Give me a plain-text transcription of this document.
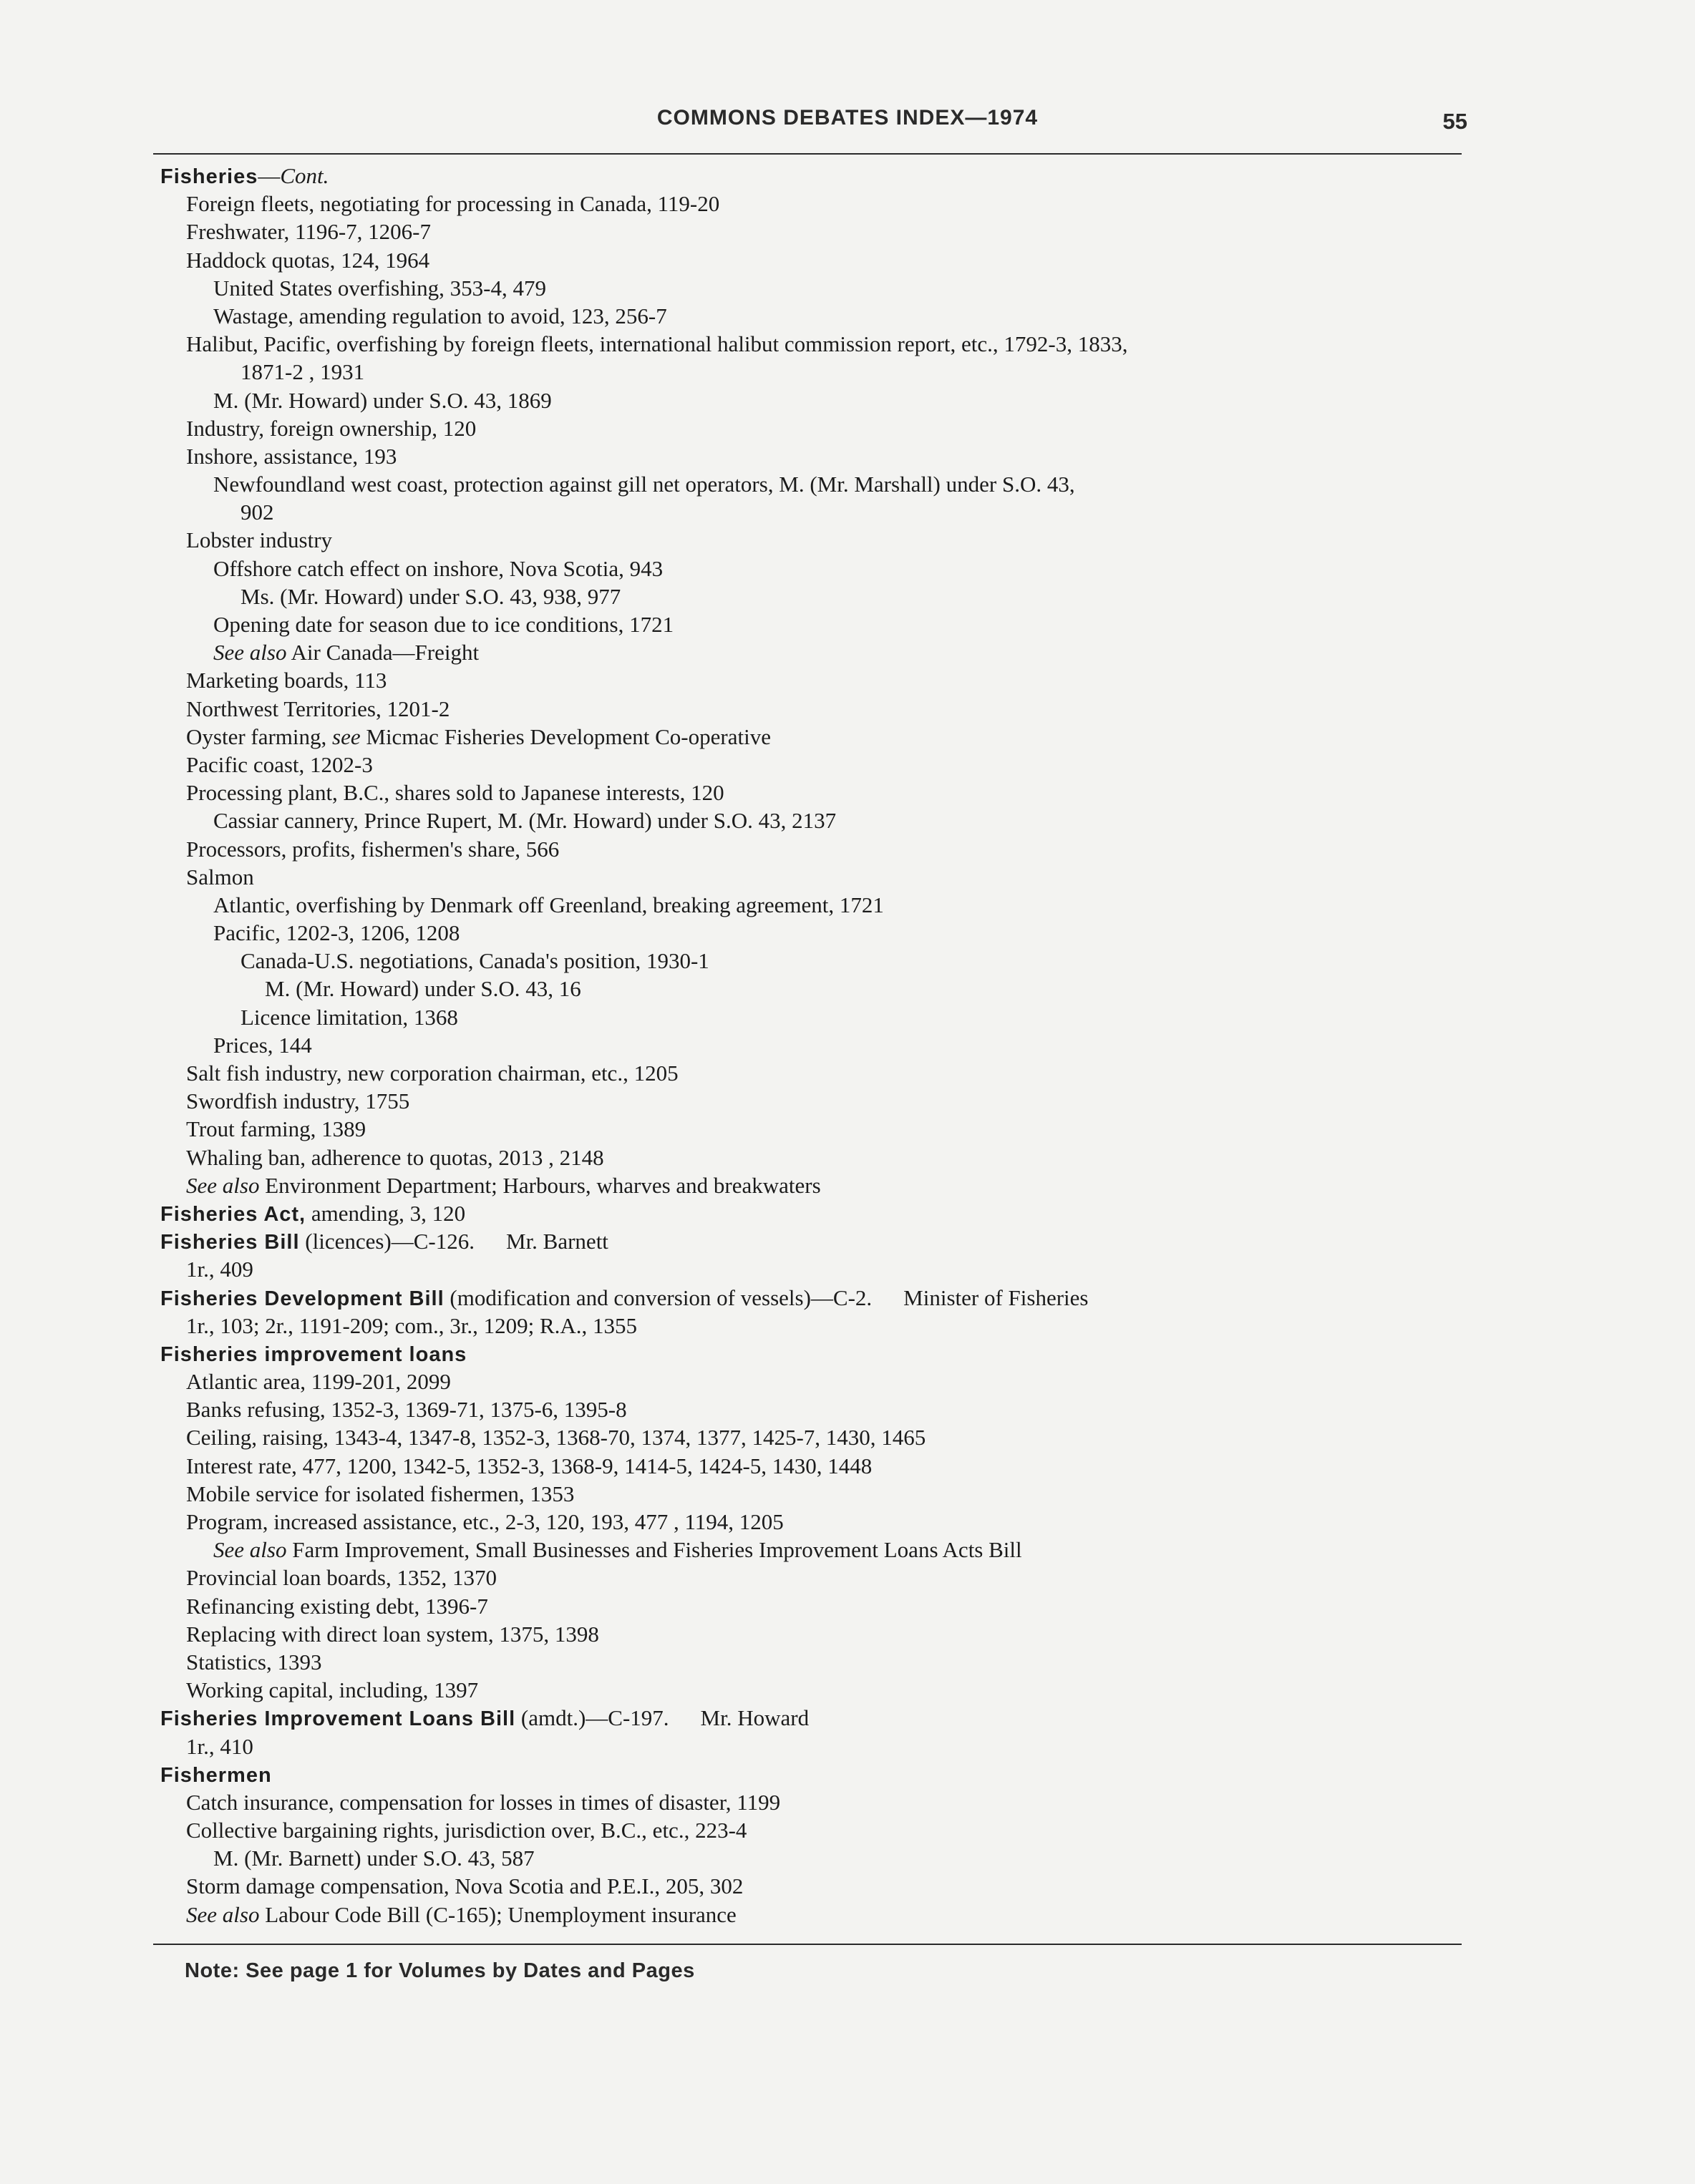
COMMONS DEBATES INDEX—1974	55
Fisheries—Cont.
Foreign fleets, negotiating for processing in Canada, 119-20
Freshwater, 1196-7, 1206-7
Haddock quotas, 124, 1964
United States overfishing, 353-4, 479
Wastage, amending regulation to avoid, 123, 256-7
Halibut, Pacific, overfishing by foreign fleets, international halibut commission report, etc., 1792-3, 1833,
1871-2 , 1931
M. (Mr. Howard) under S.O. 43, 1869
Industry, foreign ownership, 120
Inshore, assistance, 193
Newfoundland west coast, protection against gill net operators, M. (Mr. Marshall) under S.O. 43,
902
Lobster industry
Offshore catch effect on inshore, Nova Scotia, 943
Ms. (Mr. Howard) under S.O. 43, 938, 977
Opening date for season due to ice conditions, 1721
See also Air Canada—Freight
Marketing boards, 113
Northwest Territories, 1201-2
Oyster farming, see Micmac Fisheries Development Co-operative
Pacific coast, 1202-3
Processing plant, B.C., shares sold to Japanese interests, 120
Cassiar cannery, Prince Rupert, M. (Mr. Howard) under S.O. 43, 2137
Processors, profits, fishermen's share, 566
Salmon
Atlantic, overfishing by Denmark off Greenland, breaking agreement, 1721
Pacific, 1202-3, 1206, 1208
Canada-U.S. negotiations, Canada's position, 1930-1
M. (Mr. Howard) under S.O. 43, 16
Licence limitation, 1368
Prices, 144
Salt fish industry, new corporation chairman, etc., 1205
Swordfish industry, 1755
Trout farming, 1389
Whaling ban, adherence to quotas, 2013 , 2148
See also Environment Department; Harbours, wharves and breakwaters
Fisheries Act, amending, 3, 120
Fisheries Bill (licences)—C-126. Mr. Barnett
1r., 409
Fisheries Development Bill (modification and conversion of vessels)—C-2. Minister of Fisheries
1r., 103; 2r., 1191-209; com., 3r., 1209; R.A., 1355
Fisheries improvement loans
Atlantic area, 1199-201, 2099
Banks refusing, 1352-3, 1369-71, 1375-6, 1395-8
Ceiling, raising, 1343-4, 1347-8, 1352-3, 1368-70, 1374, 1377, 1425-7, 1430, 1465
Interest rate, 477, 1200, 1342-5, 1352-3, 1368-9, 1414-5, 1424-5, 1430, 1448
Mobile service for isolated fishermen, 1353
Program, increased assistance, etc., 2-3, 120, 193, 477 , 1194, 1205
See also Farm Improvement, Small Businesses and Fisheries Improvement Loans Acts Bill
Provincial loan boards, 1352, 1370
Refinancing existing debt, 1396-7
Replacing with direct loan system, 1375, 1398
Statistics, 1393
Working capital, including, 1397
Fisheries Improvement Loans Bill (amdt.)—C-197. Mr. Howard
1r., 410
Fishermen
Catch insurance, compensation for losses in times of disaster, 1199
Collective bargaining rights, jurisdiction over, B.C., etc., 223-4
M. (Mr. Barnett) under S.O. 43, 587
Storm damage compensation, Nova Scotia and P.E.I., 205, 302
See also Labour Code Bill (C-165); Unemployment insurance
Note: See page 1 for Volumes by Dates and Pages
